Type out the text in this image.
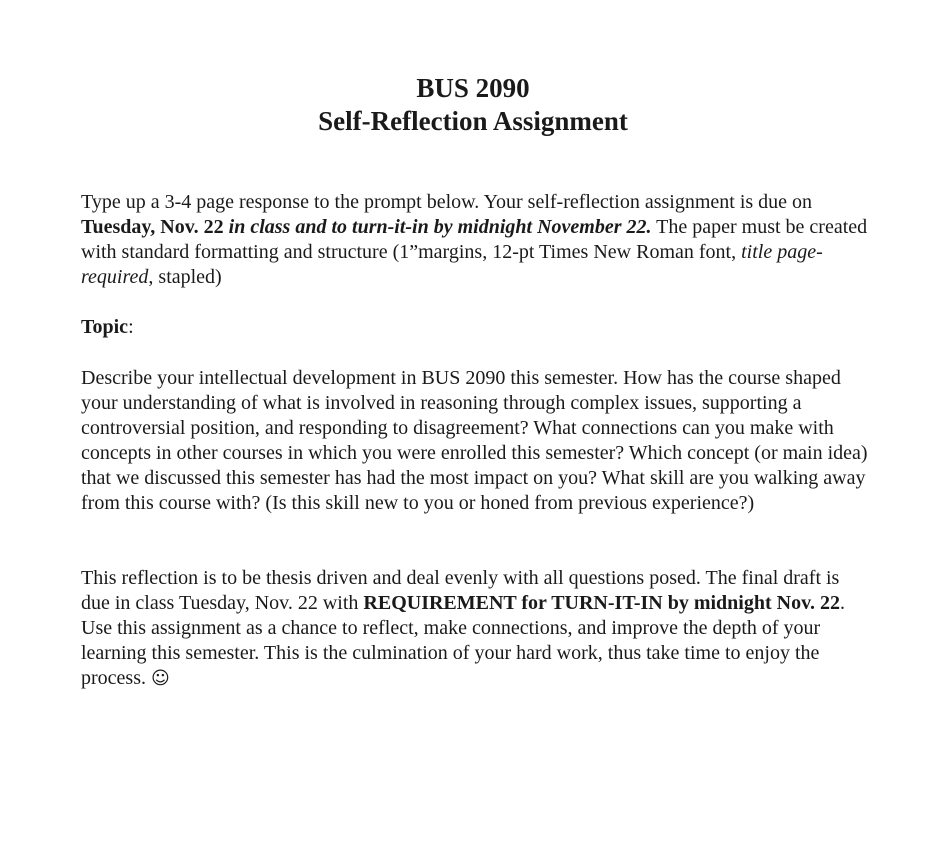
BUS 2090
Self-Reflection Assignment

Type up a 3-4 page response to the prompt below. Your self-reflection assignment is due on Tuesday, Nov. 22 in class and to turn-it-in by midnight November 22. The paper must be created with standard formatting and structure (1”margins, 12-pt Times New Roman font, title page-required, stapled)

Topic:

Describe your intellectual development in BUS 2090 this semester. How has the course shaped your understanding of what is involved in reasoning through complex issues, supporting a controversial position, and responding to disagreement? What connections can you make with concepts in other courses in which you were enrolled this semester? Which concept (or main idea) that we discussed this semester has had the most impact on you? What skill are you walking away from this course with? (Is this skill new to you or honed from previous experience?)

This reflection is to be thesis driven and deal evenly with all questions posed. The final draft is due in class Tuesday, Nov. 22 with REQUIREMENT for TURN-IT-IN by midnight Nov. 22. Use this assignment as a chance to reflect, make connections, and improve the depth of your learning this semester. This is the culmination of your hard work, thus take time to enjoy the process. ☺
